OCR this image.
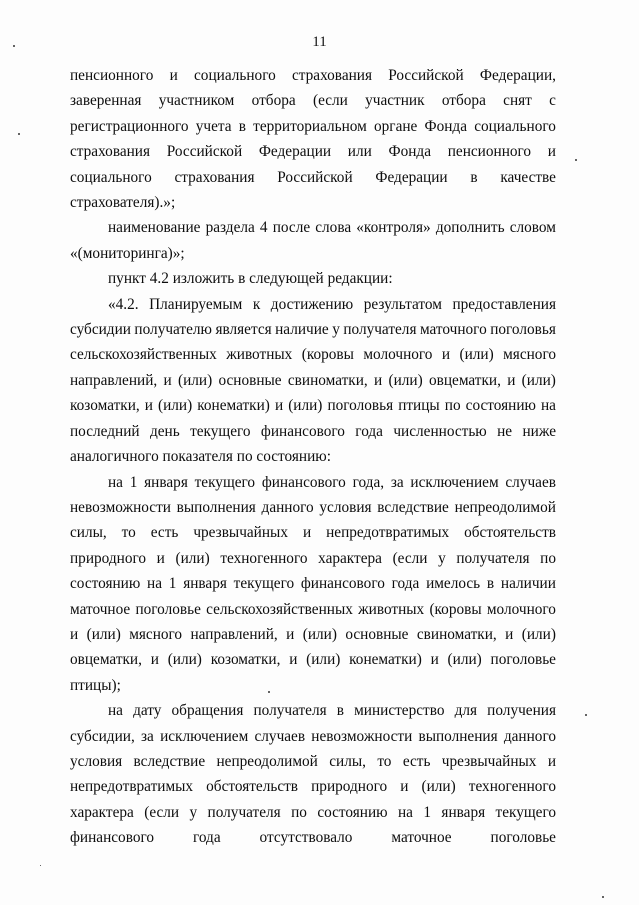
11
пенсионного и социального страхования Российской Федерации,
заверенная участником отбора (если участник отбора снят с
регистрационного учета в территориальном органе Фонда социального
страхования Российской Федерации или Фонда пенсионного и
социального страхования Российской Федерации в качестве
страхователя).»;
наименование раздела 4 после слова «контроля» дополнить словом
«(мониторинга)»;
пункт 4.2 изложить в следующей редакции:
«4.2. Планируемым к достижению результатом предоставления
субсидии получателю является наличие у получателя маточного поголовья
сельскохозяйственных животных (коровы молочного и (или) мясного
направлений, и (или) основные свиноматки, и (или) овцематки, и (или)
козоматки, и (или) конематки) и (или) поголовья птицы по состоянию на
последний день текущего финансового года численностью не ниже
аналогичного показателя по состоянию:
на 1 января текущего финансового года, за исключением случаев
невозможности выполнения данного условия вследствие непреодолимой
силы, то есть чрезвычайных и непредотвратимых обстоятельств
природного и (или) техногенного характера (если у получателя по
состоянию на 1 января текущего финансового года имелось в наличии
маточное поголовье сельскохозяйственных животных (коровы молочного
и (или) мясного направлений, и (или) основные свиноматки, и (или)
овцематки, и (или) козоматки, и (или) конематки) и (или) поголовье
птицы);
на дату обращения получателя в министерство для получения
субсидии, за исключением случаев невозможности выполнения данного
условия вследствие непреодолимой силы, то есть чрезвычайных и
непредотвратимых обстоятельств природного и (или) техногенного
характера (если у получателя по состоянию на 1 января текущего
финансового	года	отсутствовало	маточное	поголовье
